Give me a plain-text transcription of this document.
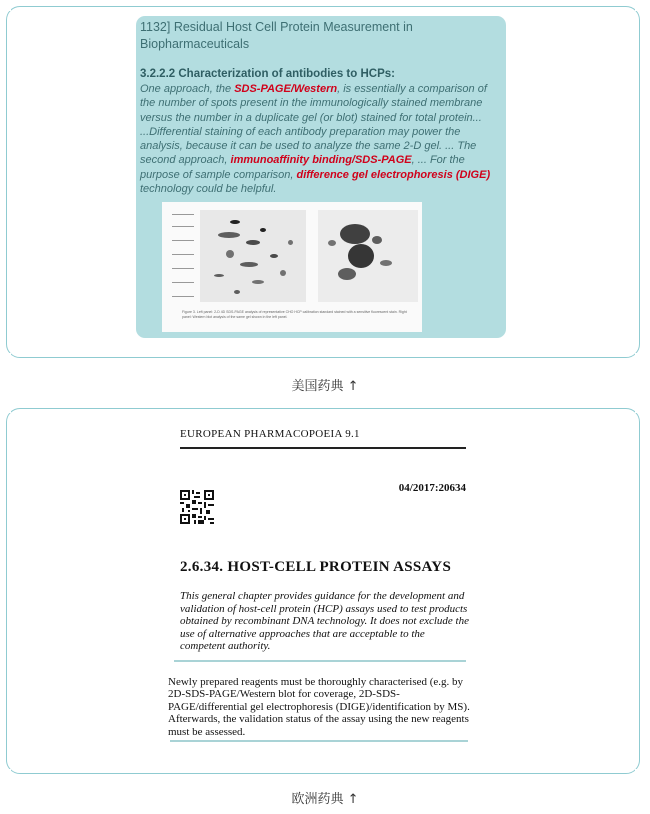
1132] Residual Host Cell Protein Measurement in Biopharmaceuticals
3.2.2.2 Characterization of antibodies to HCPs:
One approach, the SDS-PAGE/Western, is essentially a comparison of the number of spots present in the immunologically stained membrane versus the number in a duplicate gel (or blot) stained for total protein... ...Differential staining of each antibody preparation may power the analysis, because it can be used to analyze the same 2-D gel. ... The second approach, immunoaffinity binding/SDS-PAGE, ... For the purpose of sample comparison, difference gel electrophoresis (DIGE) technology could be helpful.
Figure 3. Left panel: 2-D 4D SDS-PAGE analysis of representative CHO HCP calibration standard stained with a sensitive fluorescent stain. Right panel: Western blot analysis of the same gel shown in the left panel.
美国药典 ↑
EUROPEAN PHARMACOPOEIA 9.1
04/2017:20634
2.6.34. HOST-CELL PROTEIN ASSAYS
This general chapter provides guidance for the development and validation of host-cell protein (HCP) assays used to test products obtained by recombinant DNA technology. It does not exclude the use of alternative approaches that are acceptable to the competent authority.
Newly prepared reagents must be thoroughly characterised (e.g. by 2D-SDS-PAGE/Western blot for coverage, 2D-SDS-PAGE/differential gel electrophoresis (DIGE)/identification by MS). Afterwards, the validation status of the assay using the new reagents must be assessed.
欧洲药典 ↑
